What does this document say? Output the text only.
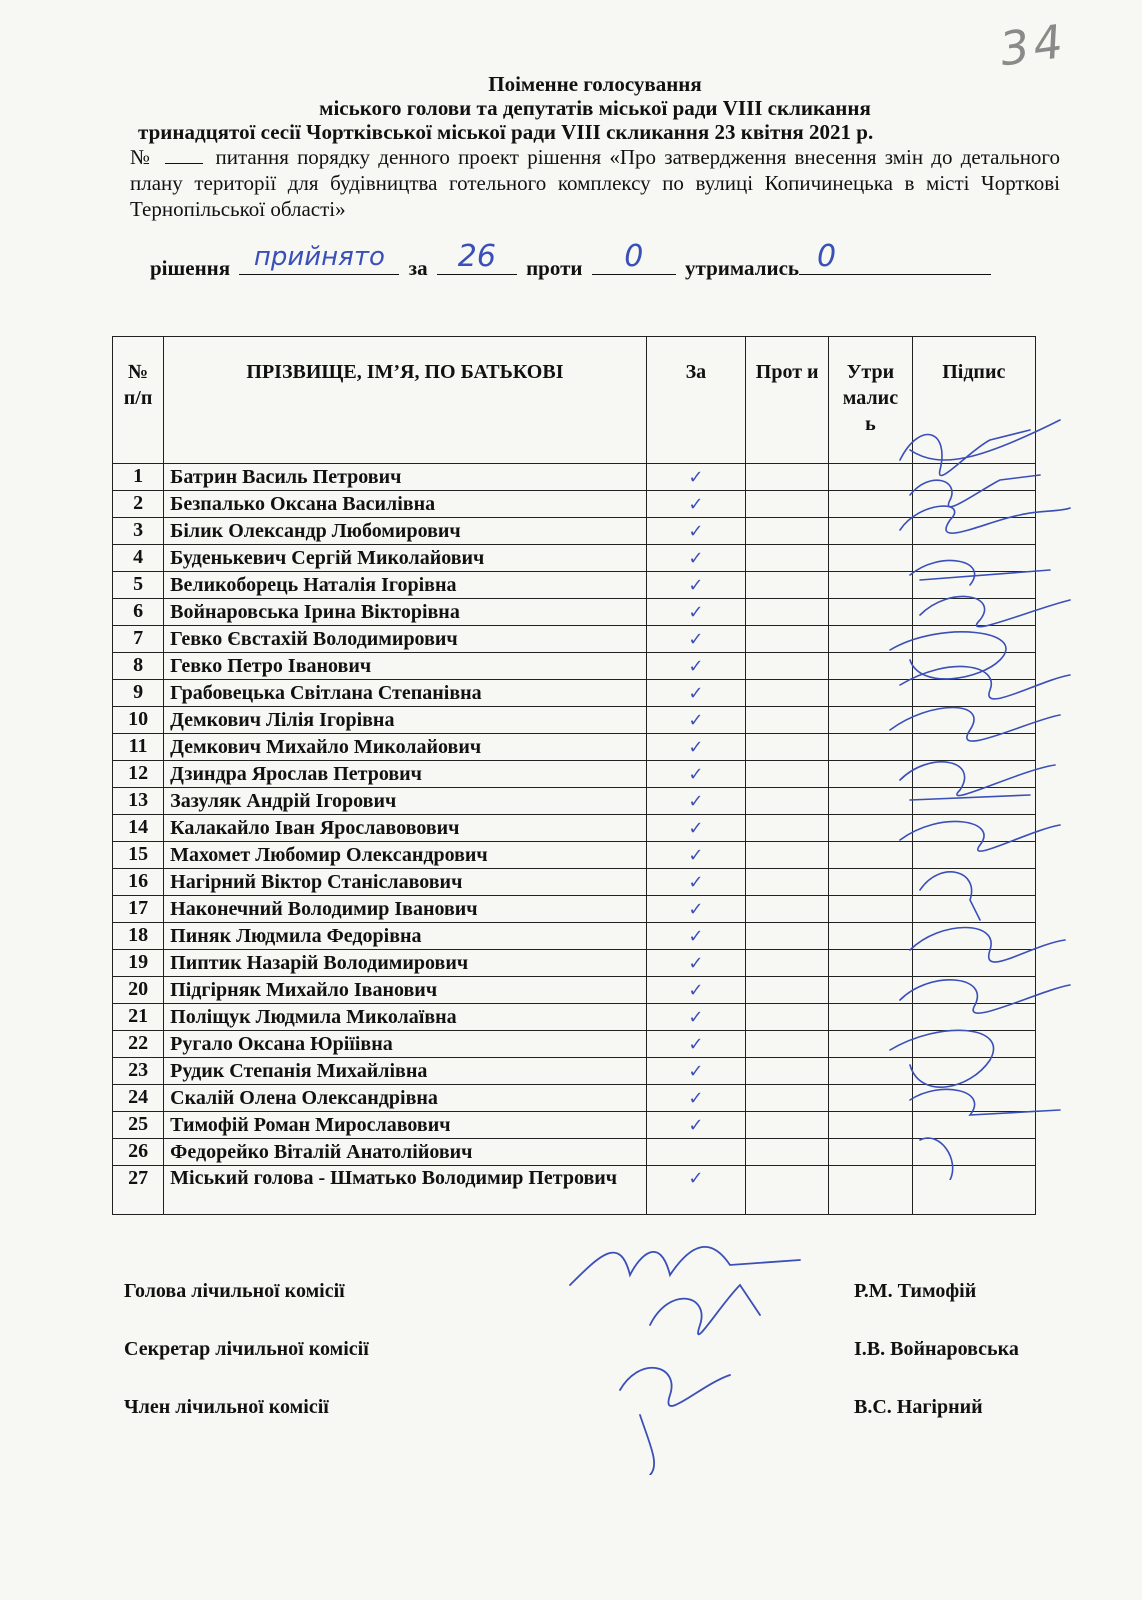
34
Поіменне голосування
міського голови та депутатів міської ради VIII скликання
тринадцятої сесії Чортківської міської ради VIII скликання 23 квітня 2021 р.
№	питання порядку денного проект рішення «Про затвердження внесення змін до детального плану території для будівництва готельного комплексу по вулиці Копичинецька в місті Чорткові Тернопільської області»
рішення прийнято	за	26	проти	0	утримались 0
№ п/п	ПРІЗВИЩЕ, ІМ’Я, ПО БАТЬКОВІ	За	Прот и	Утри малис ь	Підпис
1	Батрин Василь Петрович	✓			
2	Безпалько Оксана Василівна	✓			
3	Білик Олександр Любомирович	✓			
4	Буденькевич Сергій Миколайович	✓			
5	Великоборець Наталія Ігорівна	✓			
6	Войнаровська Ірина Вікторівна	✓			
7	Гевко Євстахій Володимирович	✓			
8	Гевко Петро Іванович	✓			
9	Грабовецька Світлана Степанівна	✓			
10	Демкович Лілія Ігорівна	✓			
11	Демкович Михайло Миколайович	✓			
12	Дзиндра Ярослав Петрович	✓			
13	Зазуляк Андрій Ігорович	✓			
14	Калакайло Іван Ярославовович	✓			
15	Махомет Любомир Олександрович	✓			
16	Нагірний Віктор Станіславович	✓			
17	Наконечний Володимир Іванович	✓			
18	Пиняк Людмила Федорівна	✓			
19	Пиптик Назарій Володимирович	✓			
20	Підгірняк Михайло Іванович	✓			
21	Поліщук Людмила Миколаївна	✓			
22	Ругало Оксана Юріїівна	✓			
23	Рудик Степанія Михайлівна	✓			
24	Скалій Олена Олександрівна	✓			
25	Тимофій Роман Мирославович	✓			
26	Федорейко Віталій Анатолійович				
27	Міський голова - Шматько Володимир Петрович	✓			
Голова лічильної комісії	Р.М. Тимофій
Секретар лічильної комісії	І.В. Войнаровська
Член лічильної комісії	В.С. Нагірний
